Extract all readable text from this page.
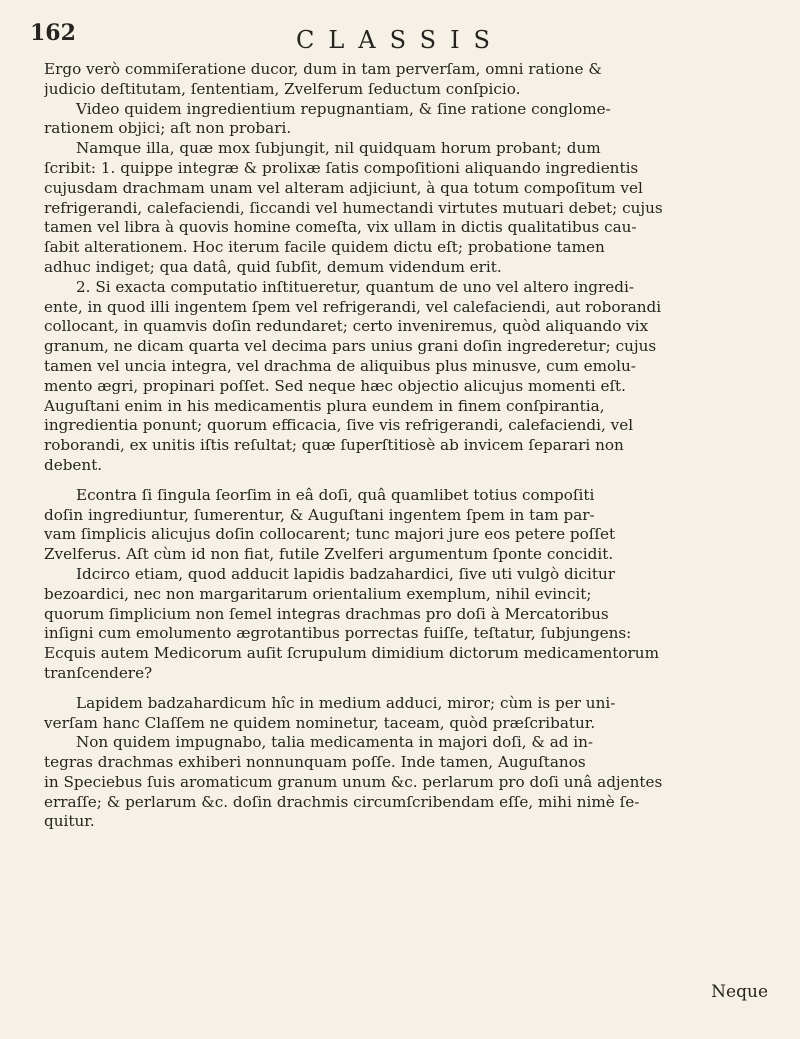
162	CLASSIS
Ergo verò commiſeratione ducor, dum in tam perverſam, omni ratione &
judicio deſtitutam, ſententiam, Zvelferum ſeductum conſpicio.
Video quidem ingredientium repugnantiam, & ſine ratione conglome-
rationem objici; aſt non probari.
Namque illa, quæ mox ſubjungit, nil quidquam horum probant; dum
ſcribit: 1. quippe integræ & prolixæ ſatis compoſitioni aliquando ingredientis
cujusdam drachmam unam vel alteram adjiciunt, à qua totum compoſitum vel
refrigerandi, calefaciendi, ſiccandi vel humectandi virtutes mutuari debet; cujus
tamen vel libra à quovis homine comeſta, vix ullam in dictis qualitatibus cau-
ſabit alterationem. Hoc iterum facile quidem dictu eſt; probatione tamen
adhuc indiget; qua datâ, quid ſubſit, demum videndum erit.
2. Si exacta computatio inſtitueretur, quantum de uno vel altero ingredi-
ente, in quod illi ingentem ſpem vel refrigerandi, vel calefaciendi, aut roborandi
collocant, in quamvis doſin redundaret; certo inveniremus, quòd aliquando vix
granum, ne dicam quarta vel decima pars unius grani doſin ingrederetur; cujus
tamen vel uncia integra, vel drachma de aliquibus plus minusve, cum emolu-
mento ægri, propinari poſſet. Sed neque hæc objectio alicujus momenti eſt.
Auguſtani enim in his medicamentis plura eundem in finem conſpirantia,
ingredientia ponunt; quorum efficacia, ſive vis refrigerandi, calefaciendi, vel
roborandi, ex unitis iſtis reſultat; quæ ſuperſtitiosè ab invicem ſeparari non
debent.
Econtra ſi ſingula ſeorſim in eâ doſi, quâ quamlibet totius compoſiti
doſin ingrediuntur, ſumerentur, & Auguſtani ingentem ſpem in tam par-
vam ſimplicis alicujus doſin collocarent; tunc majori jure eos petere poſſet
Zvelferus. Aſt cùm id non fiat, futile Zvelferi argumentum ſponte concidit.
Idcirco etiam, quod adducit lapidis badzahardici, ſive uti vulgò dicitur
bezoardici, nec non margaritarum orientalium exemplum, nihil evincit;
quorum ſimplicium non ſemel integras drachmas pro doſi à Mercatoribus
inſigni cum emolumento ægrotantibus porrectas fuiſſe, teſtatur, ſubjungens:
Ecquis autem Medicorum auſit ſcrupulum dimidium dictorum medicamentorum
tranſcendere?
Lapidem badzahardicum hîc in medium adduci, miror; cùm is per uni-
verſam hanc Claſſem ne quidem nominetur, taceam, quòd præſcribatur.
Non quidem impugnabo, talia medicamenta in majori doſi, & ad in-
tegras drachmas exhiberi nonnunquam poſſe. Inde tamen, Auguſtanos
in Speciebus ſuis aromaticum granum unum &c. perlarum pro doſi unâ adjentes
erraſſe; & perlarum &c. doſin drachmis circumſcribendam eſſe, mihi nimè ſe-
quitur.
Neque
